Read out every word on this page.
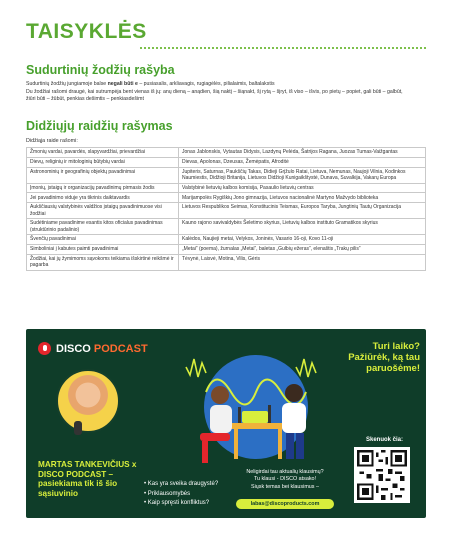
TAISYKLĖS
Sudurtinių žodžių rašyba

Sudurtinių žodžių jungiamoje balse negali būti e – pusiasalis, arkliavagis, rugiagėlės, pilialaimis, baltalakstis

Du žodžiai rašomi draugė, kai sutrumpėja bent vienas iš jų: anų dieną – anądien, šią naktį – šiąnakt, šį rytą – šįryt, iš viso – išvis, po pietų – popiet, gali būti – galbūt,

žiūri būti – žūbūt, penkias dešimtis – penkiasdešimt

Didžiųjų raidžių rašymas
Didžiąja raide rašomi:
Žmonių vardai, pavardės, slapyvardžiai, prievardžiai	Jonas Jablonskis, Vytautas Didysis, Lazdynų Pelėda, Šatrijos Ragana, Juozas Tumas-Vaižgantas
Dievų, religinių ir mitologinių būtybių vardai	Dievas, Apolonas, Dzeusas, Žemėpatis, Afroditė
Astronominių ir geografinių objektų pavadinimai	Jupiteris, Saturnas, Paukščių Takas, Didieji Grįžulo Ratai, Lietuva, Nemunas, Naujoji Vilnia, Kodinkos Naumiestis, Didžioji Britanija, Lietuvos Didžioji Kunigaikštystė, Dunava, Suvalkija, Vakarų Europa
Įmonių, įstaigų ir organizacijų pavadinimų pirmasis žodis	Valstybinė lietuvių kalbos komisija, Pasaulio lietuvių centras
Jei pavadinimo viduje yra tikrinis daiktavardis	Marijampolės Rygiškių Jono gimnazija, Lietuvos nacionalinė Martyno Mažvydo biblioteka
Aukščiausių valstybinės valdžios įstaigų pavadinimuose visi žodžiai	Lietuvos Respublikos Seimas, Konstitucinis Teismas, Europos Taryba, Jungtinių Tautų Organizacija
Sudėtiniame pavadinime esantis kitos oficialus pavadinimas (struktūrinio padalinio)	Kauno rajono savivaldybės Šeletimo skyrius, Lietuvių kalbos instituto Gramatikos skyrius
Švenčių pavadinimai	Kalėdos, Naujieji metai, Velykos, Joninės, Vasario 16-oji, Kovo 11-oji
Simboliniai į kabutes paimti pavadinimai	„Metai“ (poema), žurnalas „Metai“, baletas „Gulbių ežeras“, elenaštis „Trakų pilis“
Žodžiai, kai jų žymimoms sąvokoms teikiama išskirtinė reikšmė ir pagarba	Tėvynė, Laisvė, Motina, Vilis, Gėris
DISCO PODCAST
MARTAS TANKEVIČIUS x
DISCO PODCAST –
pasiekiama tik iš šio
sąsiuvinio
• Kas yra sveika draugystė?
• Priklausomybės
• Kaip spręsti konfliktus?
Turi laiko?
Pažiūrėk, ką tau
paruošėme!
Skenuok čia:
Neligirdai tau aktualių klausimų?
Tu klausi - DISCO atsako!
Siųsk temas bei klausimus –
labas@discoproducts.com
